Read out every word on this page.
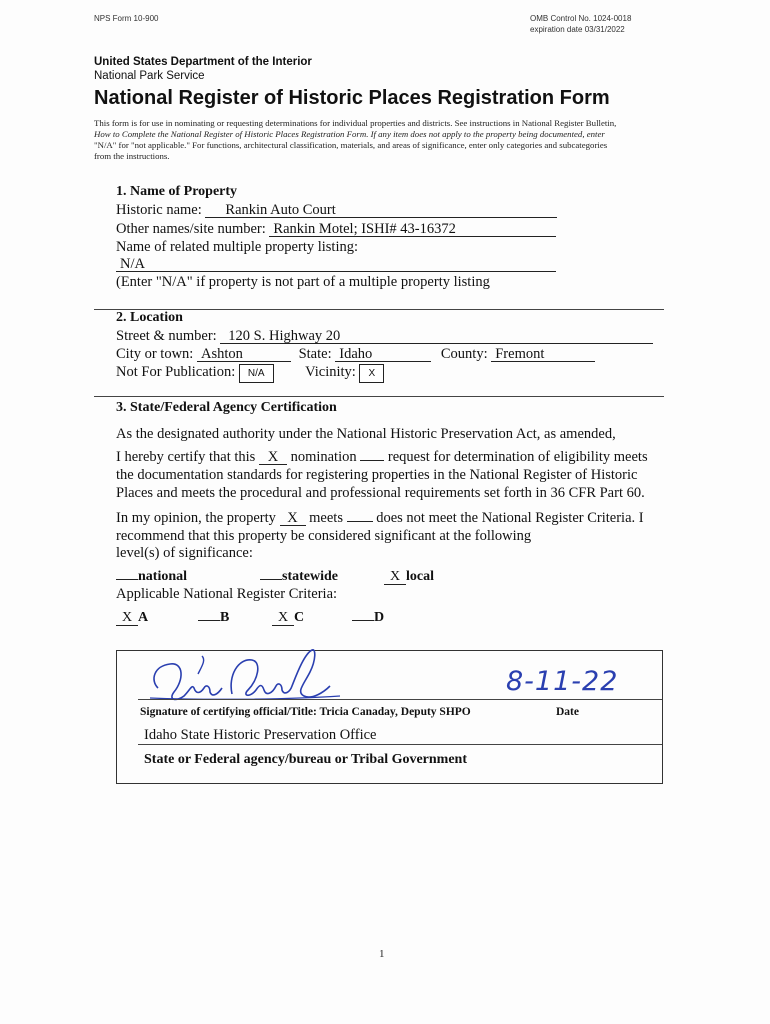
NPS Form 10-900	OMB Control No. 1024-0018
expiration date 03/31/2022
United States Department of the Interior
National Park Service
National Register of Historic Places Registration Form
This form is for use in nominating or requesting determinations for individual properties and districts. See instructions in National Register Bulletin,
How to Complete the National Register of Historic Places Registration Form. If any item does not apply to the property being documented, enter
"N/A" for "not applicable." For functions, architectural classification, materials, and areas of significance, enter only categories and subcategories
from the instructions.
1. Name of Property
Historic name: Rankin Auto Court
Other names/site number: Rankin Motel; ISHI# 43-16372
Name of related multiple property listing:
N/A
(Enter "N/A" if property is not part of a multiple property listing
2. Location
Street & number: 120 S. Highway 20
City or town: Ashton	State: Idaho	County: Fremont
Not For Publication: N/A	Vicinity: X
3. State/Federal Agency Certification
As the designated authority under the National Historic Preservation Act, as amended,
I hereby certify that this X nomination request for determination of eligibility meets
the documentation standards for registering properties in the National Register of Historic
Places and meets the procedural and professional requirements set forth in 36 CFR Part 60.
In my opinion, the property X meets does not meet the National Register Criteria. I
recommend that this property be considered significant at the following
level(s) of significance:
national	statewide	X local
Applicable National Register Criteria:
X A	B	X C	D
8-11-22
Signature of certifying official/Title: Tricia Canaday, Deputy SHPO	Date
Idaho State Historic Preservation Office
State or Federal agency/bureau or Tribal Government
1
